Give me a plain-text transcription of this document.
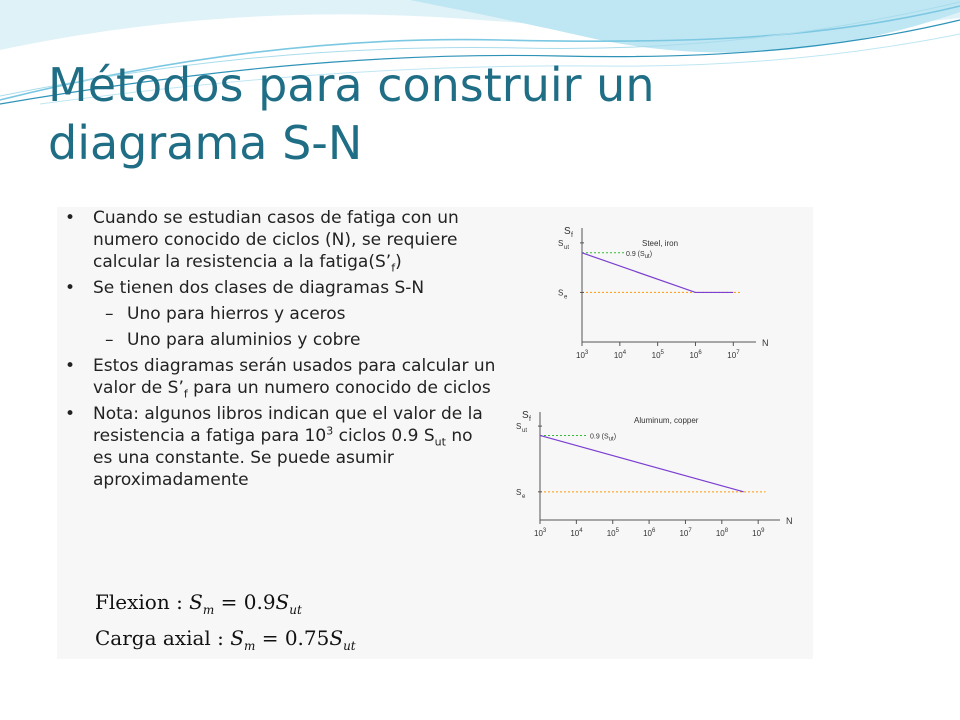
Métodos para construir un diagrama S-N
• Cuando se estudian casos de fatiga con un numero conocido de ciclos (N), se requiere calcular la resistencia a la $fatiga(S’_f)$
• Se tienen dos clases de diagramas S-N
– Uno para hierros y aceros
– Uno para aluminios y cobre
• Estos diagramas serán usados para calcular un valor de $S’_f$ para un numero conocido de ciclos
• Nota: algunos libros indican que el valor de la resistencia a fatiga para $10^3$ ciclos 0.9 $S_{ut}$ no es una constante. Se puede asumir aproximadamente
Flexion : $S_m = 0.9S_{ut}$
Carga axial : $S_m = 0.75S_{ut}$
S f
N
Steel, iron
S ut
S e
0.9 (Sut)
$10^3$	$10^4$	$10^5$	$10^6$	$10^7$
S f
N
Aluminum, copper
S ut
S e
0.9 (Sut)
$10^3$	$10^4$	$10^5$	$10^6$	$10^7$	$10^8$	$10^9$
